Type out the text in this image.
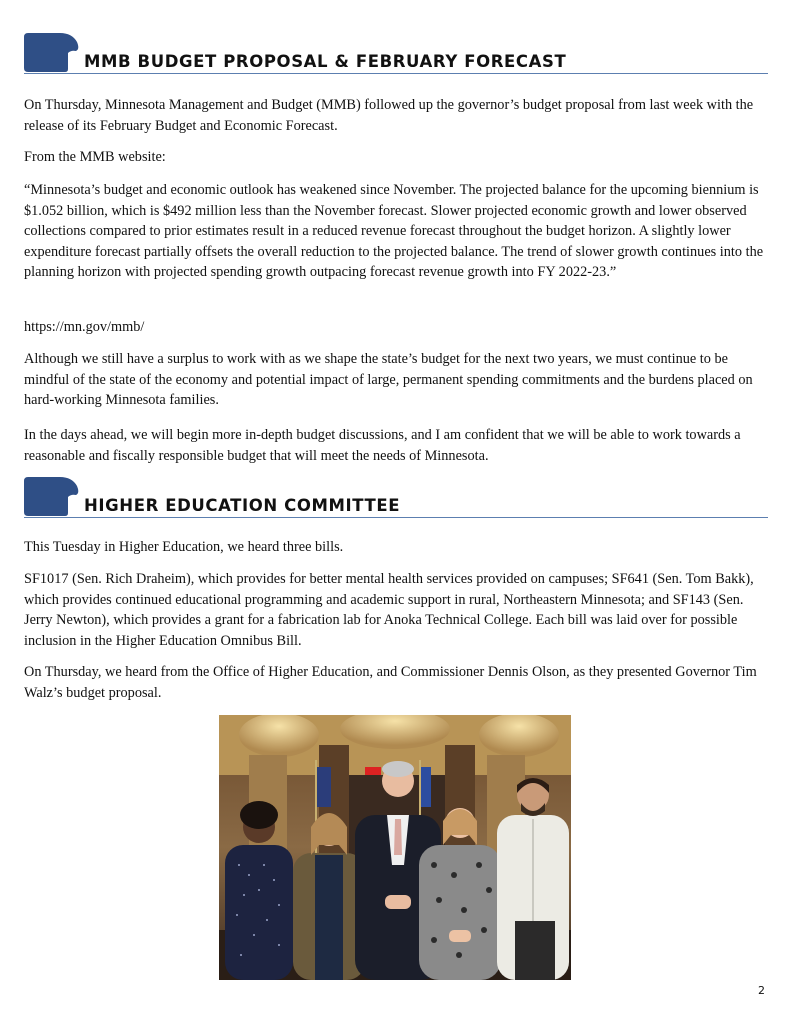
MMB BUDGET PROPOSAL & FEBRUARY FORECAST

On Thursday, Minnesota Management and Budget (MMB) followed up the governor’s budget proposal from last week with the release of its February Budget and Economic Forecast.

From the MMB website:

“Minnesota’s budget and economic outlook has weakened since November. The projected balance for the upcoming biennium is $1.052 billion, which is $492 million less than the November forecast. Slower projected economic growth and lower observed collections compared to prior estimates result in a reduced revenue forecast throughout the budget horizon. A slightly lower expenditure forecast partially offsets the overall reduction to the projected balance. The trend of slower growth continues into the planning horizon with projected spending growth outpacing forecast revenue growth into FY 2022-23.”

https://mn.gov/mmb/

Although we still have a surplus to work with as we shape the state’s budget for the next two years, we must continue to be mindful of the state of the economy and potential impact of large, permanent spending commitments and the burdens placed on hard-working Minnesota families.

In the days ahead, we will begin more in-depth budget discussions, and I am confident that we will be able to work towards a reasonable and fiscally responsible budget that will meet the needs of Minnesota.

HIGHER EDUCATION COMMITTEE

This Tuesday in Higher Education, we heard three bills.

SF1017 (Sen. Rich Draheim), which provides for better mental health services provided on campuses; SF641 (Sen. Tom Bakk), which provides continued educational programming and academic support in rural, Northeastern Minnesota; and SF143 (Sen. Jerry Newton), which provides a grant for a fabrication lab for Anoka Technical College. Each bill was laid over for possible inclusion in the Higher Education Omnibus Bill.

On Thursday, we heard from the Office of Higher Education, and Commissioner Dennis Olson, as they presented Governor Tim Walz’s budget proposal.

2
